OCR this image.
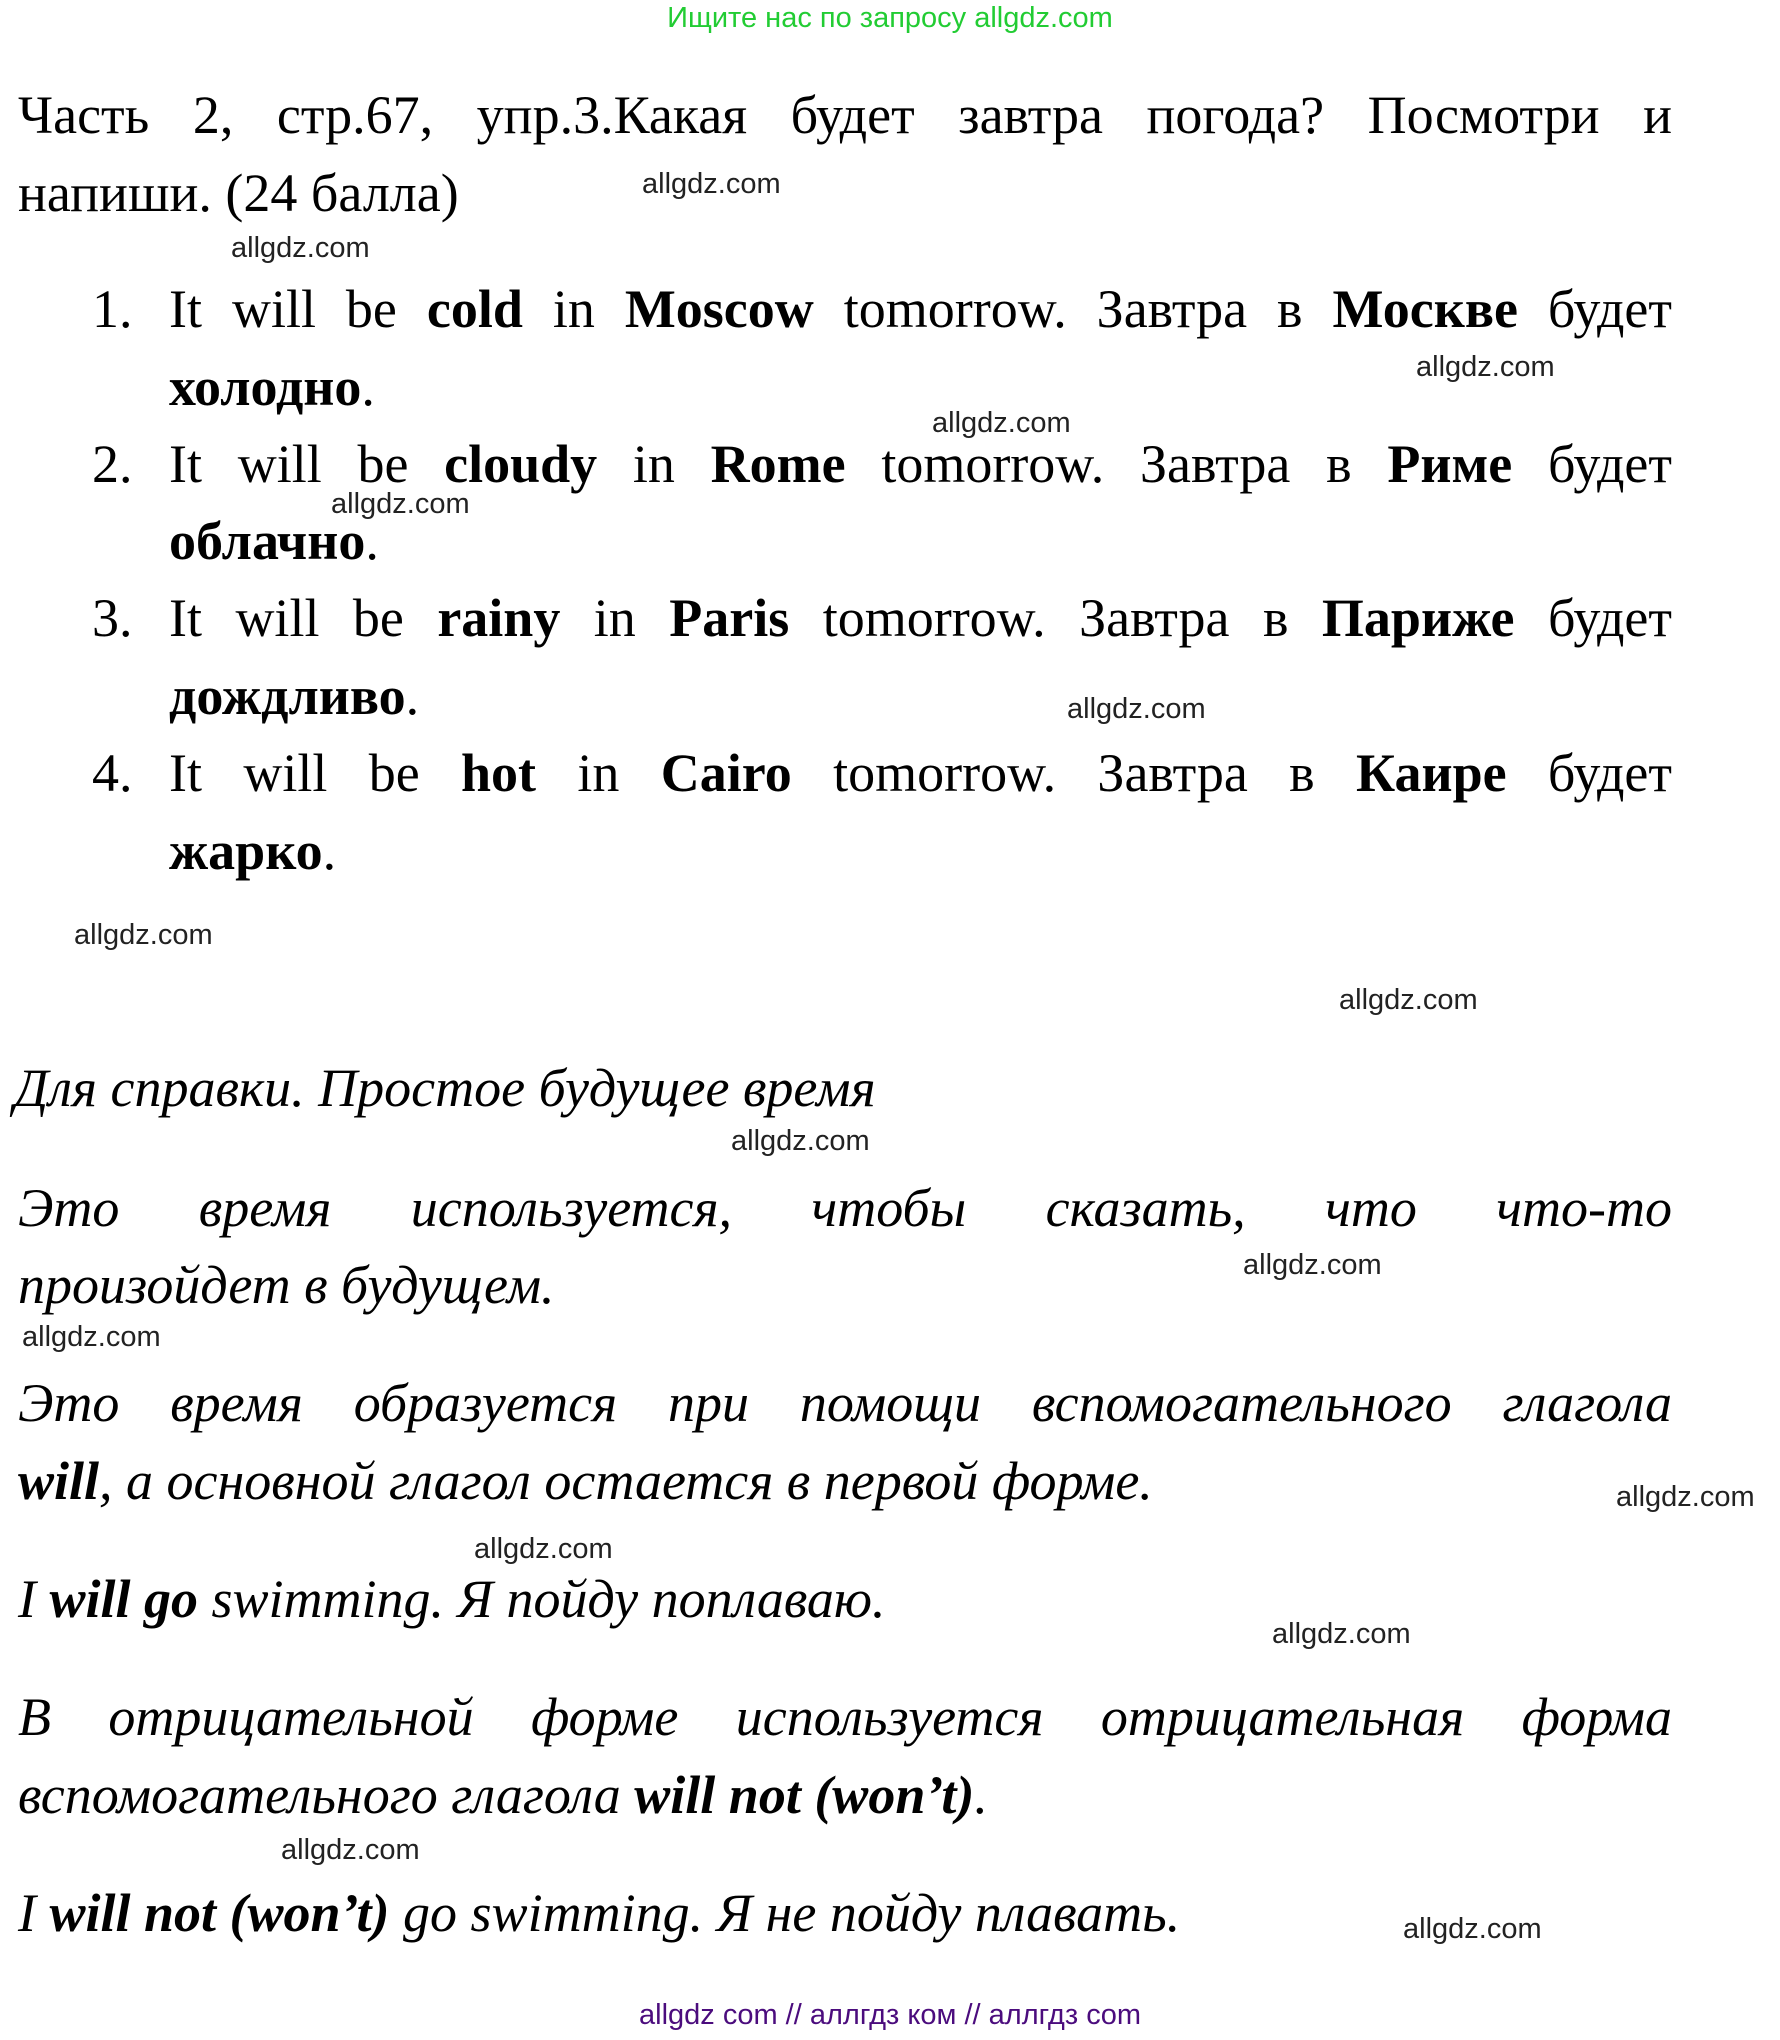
Ищите нас по запросу allgdz.com
Часть 2, стр.67, упр.3.Какая будет завтра погода? Посмотри и
напиши. (24 балла)
1. It will be cold in Moscow tomorrow. Завтра в Москве будет
холодно.
2. It will be cloudy in Rome tomorrow. Завтра в Риме будет
облачно.
3. It will be rainy in Paris tomorrow. Завтра в Париже будет
дождливо.
4. It will be hot in Cairo tomorrow. Завтра в Каире будет
жарко.
Для справки. Простое будущее время
Это время используется, чтобы сказать, что что-то
произойдет в будущем.
Это время образуется при помощи вспомогательного глагола
will, а основной глагол остается в первой форме.
I will go swimming. Я пойду поплаваю.
В отрицательной форме используется отрицательная форма
вспомогательного глагола will not (won’t).
I will not (won’t) go swimming. Я не пойду плавать.
allgdz.com
allgdz.com
allgdz.com
allgdz.com
allgdz.com
allgdz.com
allgdz.com
allgdz.com
allgdz.com
allgdz.com
allgdz.com
allgdz.com
allgdz.com
allgdz.com
allgdz.com
allgdz.com
allgdz com // аллгдз ком // аллгдз com
